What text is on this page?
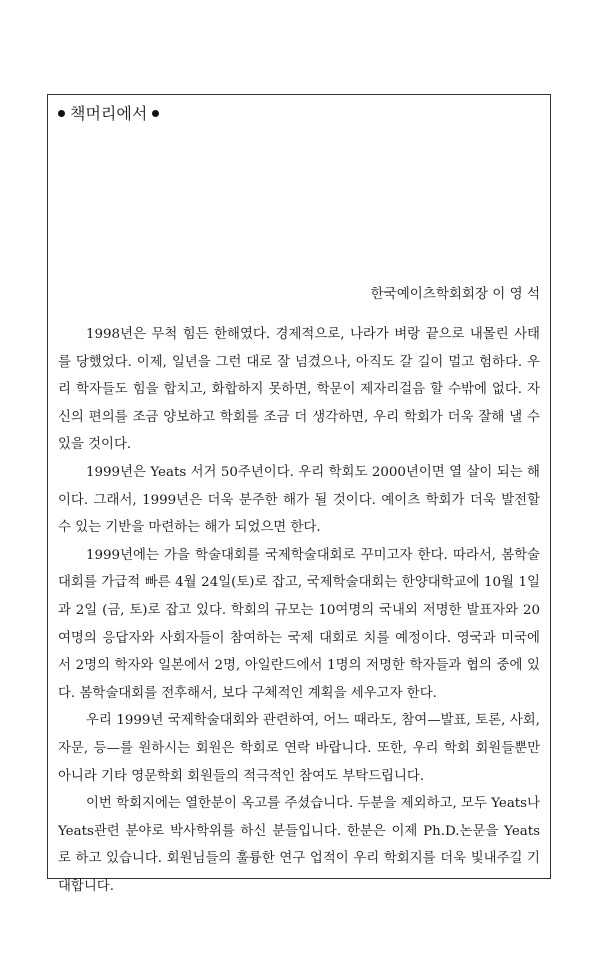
책머리에서
한국예이츠학회회장 이 영 석

1998년은 무척 힘든 한해였다. 경제적으로, 나라가 벼랑 끝으로 내몰린 사태를 당했었다. 이제, 일년을 그런 대로 잘 넘겼으나, 아직도 갈 길이 멀고 험하다. 우리 학자들도 힘을 합치고, 화합하지 못하면, 학문이 제자리걸음 할 수밖에 없다. 자신의 편의를 조금 양보하고 학회를 조금 더 생각하면, 우리 학회가 더욱 잘해 낼 수 있을 것이다.

1999년은 Yeats 서거 50주년이다. 우리 학회도 2000년이면 열 살이 되는 해이다. 그래서, 1999년은 더욱 분주한 해가 될 것이다. 예이츠 학회가 더욱 발전할 수 있는 기반을 마련하는 해가 되었으면 한다.

1999년에는 가을 학술대회를 국제학술대회로 꾸미고자 한다. 따라서, 봄학술대회를 가급적 빠른 4월 24일(토)로 잡고, 국제학술대회는 한양대학교에 10월 1일과 2일 (금, 토)로 잡고 있다. 학회의 규모는 10여명의 국내외 저명한 발표자와 20여명의 응답자와 사회자들이 참여하는 국제 대회로 치를 예정이다. 영국과 미국에서 2명의 학자와 일본에서 2명, 아일란드에서 1명의 저명한 학자들과 협의 중에 있다. 봄학술대회를 전후해서, 보다 구체적인 계획을 세우고자 한다.

우리 1999년 국제학술대회와 관련하여, 어느 때라도, 참여—발표, 토론, 사회, 자문, 등—를 원하시는 회원은 학회로 연락 바랍니다. 또한, 우리 학회 회원들뿐만 아니라 기타 영문학회 회원들의 적극적인 참여도 부탁드립니다.

이번 학회지에는 열한분이 옥고를 주셨습니다. 두분을 제외하고, 모두 Yeats나 Yeats관련 분야로 박사학위를 하신 분들입니다. 한분은 이제 Ph.D.논문을 Yeats로 하고 있습니다. 회원님들의 훌륭한 연구 업적이 우리 학회지를 더욱 빛내주길 기대합니다.
